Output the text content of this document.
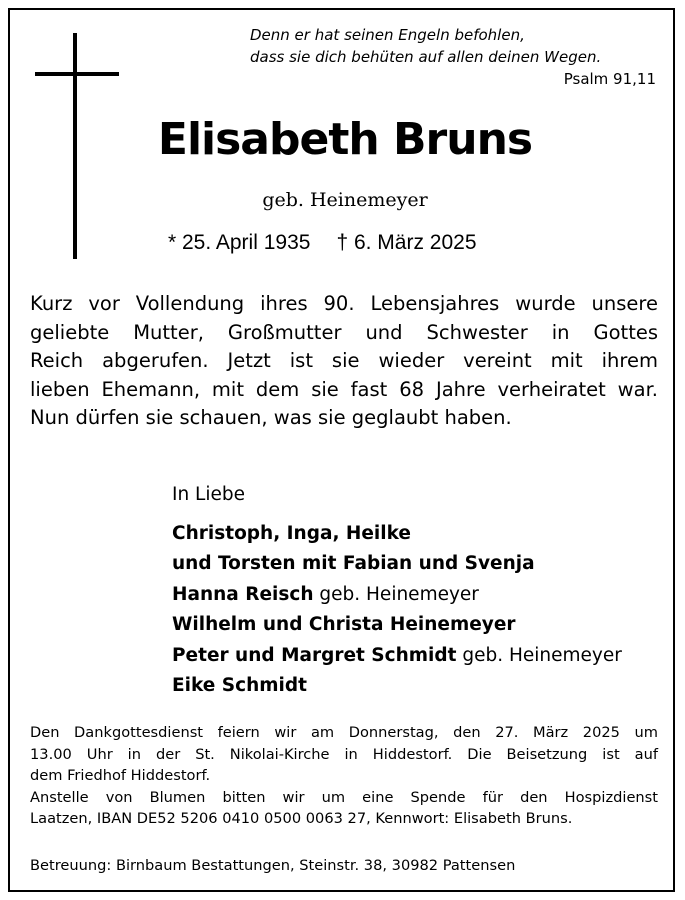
Denn er hat seinen Engeln befohlen,
dass sie dich behüten auf allen deinen Wegen.
Psalm 91,11
Elisabeth Bruns
geb. Heinemeyer
* 25. April 1935 † 6. März 2025
Kurz vor Vollendung ihres 90. Lebensjahres wurde unsere
geliebte Mutter, Großmutter und Schwester in Gottes
Reich abgerufen. Jetzt ist sie wieder vereint mit ihrem
lieben Ehemann, mit dem sie fast 68 Jahre verheiratet war.
Nun dürfen sie schauen, was sie geglaubt haben.
In Liebe
Christoph, Inga, Heilke
und Torsten mit Fabian und Svenja
Hanna Reisch geb. Heinemeyer
Wilhelm und Christa Heinemeyer
Peter und Margret Schmidt geb. Heinemeyer
Eike Schmidt
Den Dankgottesdienst feiern wir am Donnerstag, den 27. März 2025 um
13.00 Uhr in der St. Nikolai-Kirche in Hiddestorf. Die Beisetzung ist auf
dem Friedhof Hiddestorf.
Anstelle von Blumen bitten wir um eine Spende für den Hospizdienst
Laatzen, IBAN DE52 5206 0410 0500 0063 27, Kennwort: Elisabeth Bruns.
Betreuung: Birnbaum Bestattungen, Steinstr. 38, 30982 Pattensen
